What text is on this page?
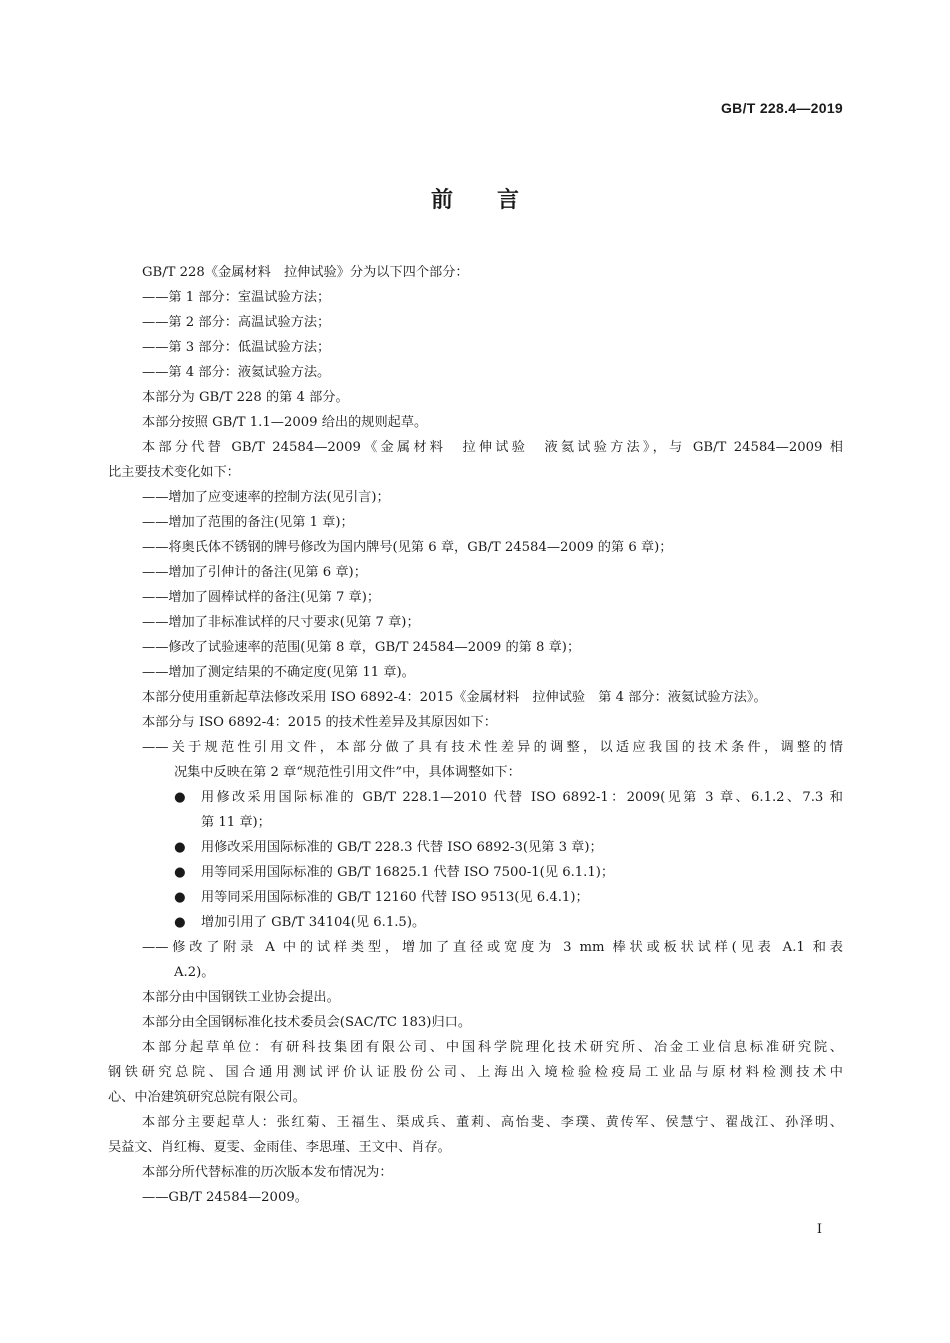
GB/T 228.4—2019
前言
GB/T 228《金属材料　拉伸试验》分为以下四个部分：
——第 1 部分：室温试验方法；
——第 2 部分：高温试验方法；
——第 3 部分：低温试验方法；
——第 4 部分：液氦试验方法。
本部分为 GB/T 228 的第 4 部分。
本部分按照 GB/T 1.1—2009 给出的规则起草。
本部分代替 GB/T 24584—2009《金属材料　拉伸试验　液氦试验方法》，与 GB/T 24584—2009 相
比主要技术变化如下：
——增加了应变速率的控制方法(见引言)；
——增加了范围的备注(见第 1 章)；
——将奥氏体不锈钢的牌号修改为国内牌号(见第 6 章，GB/T 24584—2009 的第 6 章)；
——增加了引伸计的备注(见第 6 章)；
——增加了圆棒试样的备注(见第 7 章)；
——增加了非标准试样的尺寸要求(见第 7 章)；
——修改了试验速率的范围(见第 8 章，GB/T 24584—2009 的第 8 章)；
——增加了测定结果的不确定度(见第 11 章)。
本部分使用重新起草法修改采用 ISO 6892-4：2015《金属材料　拉伸试验　第 4 部分：液氦试验方法》。
本部分与 ISO 6892-4：2015 的技术性差异及其原因如下：
——关于规范性引用文件，本部分做了具有技术性差异的调整，以适应我国的技术条件，调整的情
况集中反映在第 2 章“规范性引用文件”中，具体调整如下：
●	用修改采用国际标准的 GB/T 228.1—2010 代替 ISO 6892-1：2009(见第 3 章、6.1.2、7.3 和
第 11 章)；
● 用修改采用国际标准的 GB/T 228.3 代替 ISO 6892-3(见第 3 章)；
● 用等同采用国际标准的 GB/T 16825.1 代替 ISO 7500-1(见 6.1.1)；
● 用等同采用国际标准的 GB/T 12160 代替 ISO 9513(见 6.4.1)；
● 增加引用了 GB/T 34104(见 6.1.5)。
——修改了附录 A 中的试样类型，增加了直径或宽度为 3 mm 棒状或板状试样(见表 A.1 和表
A.2)。
本部分由中国钢铁工业协会提出。
本部分由全国钢标准化技术委员会(SAC/TC 183)归口。
本部分起草单位：有研科技集团有限公司、中国科学院理化技术研究所、冶金工业信息标准研究院、
钢铁研究总院、国合通用测试评价认证股份公司、上海出入境检验检疫局工业品与原材料检测技术中
心、中冶建筑研究总院有限公司。
本部分主要起草人：张红菊、王福生、渠成兵、董莉、高怡斐、李璞、黄传军、侯慧宁、翟战江、孙泽明、
吴益文、肖红梅、夏雯、金雨佳、李思瑾、王文中、肖存。
本部分所代替标准的历次版本发布情况为：
——GB/T 24584—2009。
I
